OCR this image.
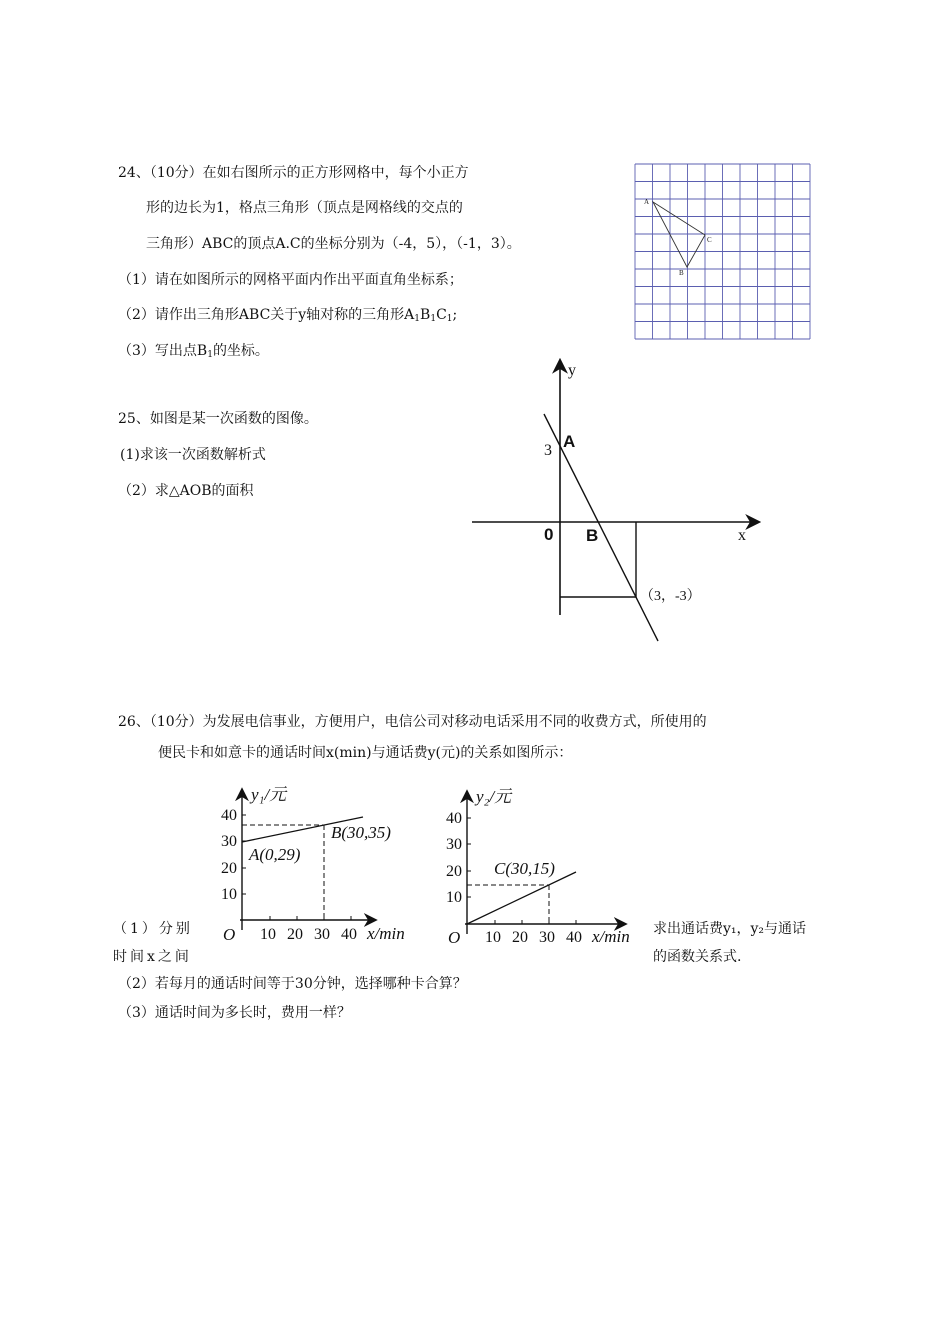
24、（10分）在如右图所示的正方形网格中，每个小正方
形的边长为1，格点三角形（顶点是网格线的交点的
三角形）ABC的顶点A.C的坐标分别为（-4，5），（-1，3）。
（1）请在如图所示的网格平面内作出平面直角坐标系；
（2）请作出三角形ABC关于y轴对称的三角形$A_1B_1C_1$;
（3）写出点$B_1$的坐标。
A
B
C
25、如图是某一次函数的图像。
(1)求该一次函数解析式
（2）求△AOB的面积
y
x
3 A
0 B
（3，-3）
26、（10分）为发展电信事业，方便用户，电信公司对移动电话采用不同的收费方式，所使用的
便民卡和如意卡的通话时间x(min)与通话费y(元)的关系如图所示：
（1）分别
时间x之间
求出通话费y₁，y₂与通话
的函数关系式.
（2）若每月的通话时间等于30分钟，选择哪种卡合算？
（3）通话时间为多长时，费用一样？
y₁/元
40
30
20
10
O 10 20 30 40 x/min
A(0,29)
B(30,35)
y₂/元
40
30
20
10
O 10 20 30 40 x/min
C(30,15)
